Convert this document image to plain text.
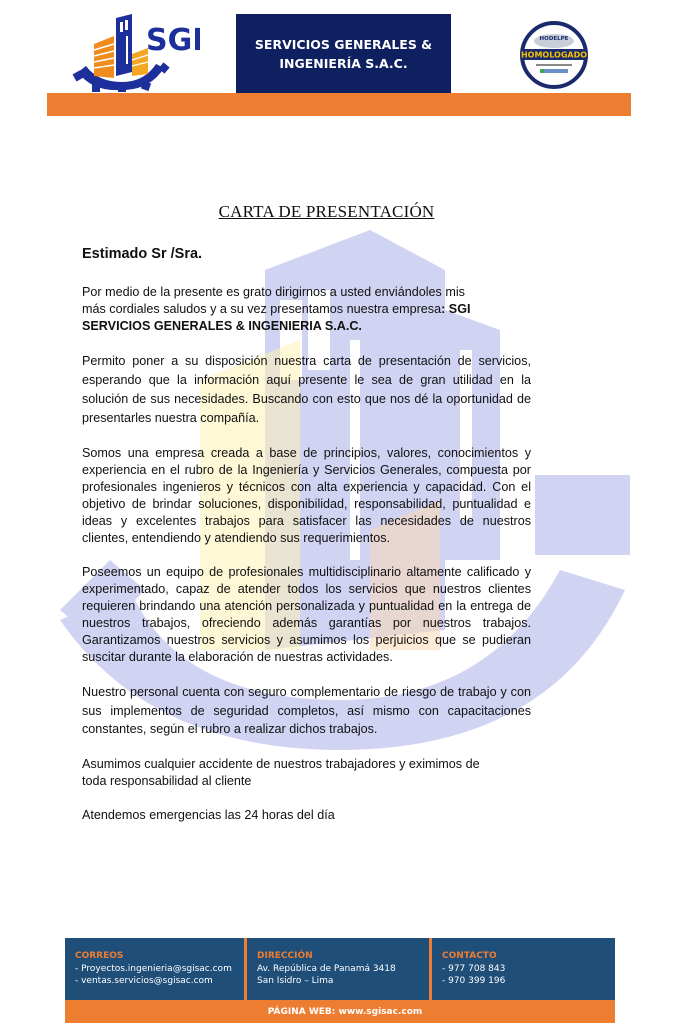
SGI	SERVICIOS GENERALES &
INGENIERÍA S.A.C.
HODELPE
HOMOLOGADO
CARTA DE PRESENTACIÓN
Estimado Sr /Sra.

Por medio de la presente es grato dirigirnos a usted enviándoles mis
más cordiales saludos y a su vez presentamos nuestra empresa: SGI
SERVICIOS GENERALES & INGENIERIA S.A.C.

Permito poner a su disposición nuestra carta de presentación de servicios, esperando que la información aquí presente le sea de gran utilidad en la solución de sus necesidades. Buscando con esto que nos dé la oportunidad de presentarles nuestra compañía.

Somos una empresa creada a base de principios, valores, conocimientos y experiencia en el rubro de la Ingeniería y Servicios Generales, compuesta por profesionales ingenieros y técnicos con alta experiencia y capacidad. Con el objetivo de brindar soluciones, disponibilidad, responsabilidad, puntualidad e ideas y excelentes trabajos para satisfacer las necesidades de nuestros clientes, entendiendo y atendiendo sus requerimientos.

Poseemos un equipo de profesionales multidisciplinario altamente calificado y experimentado, capaz de atender todos los servicios que nuestros clientes requieren brindando una atención personalizada y puntualidad en la entrega de nuestros trabajos, ofreciendo además garantías por nuestros trabajos. Garantizamos nuestros servicios y asumimos los perjuicios que se pudieran suscitar durante la elaboración de nuestras actividades.

Nuestro personal cuenta con seguro complementario de riesgo de trabajo y con sus implementos de seguridad completos, así mismo con capacitaciones constantes, según el rubro a realizar dichos trabajos.

Asumimos cualquier accidente de nuestros trabajadores y eximimos de
toda responsabilidad al cliente

Atendemos emergencias las 24 horas del día

CORREOS
- Proyectos.ingenieria@sgisac.com
- ventas.servicios@sgisac.com
DIRECCIÓN
Av. República de Panamá 3418
San Isidro – Lima
CONTACTO
- 977 708 843
- 970 399 196
PÁGINA WEB: www.sgisac.com
